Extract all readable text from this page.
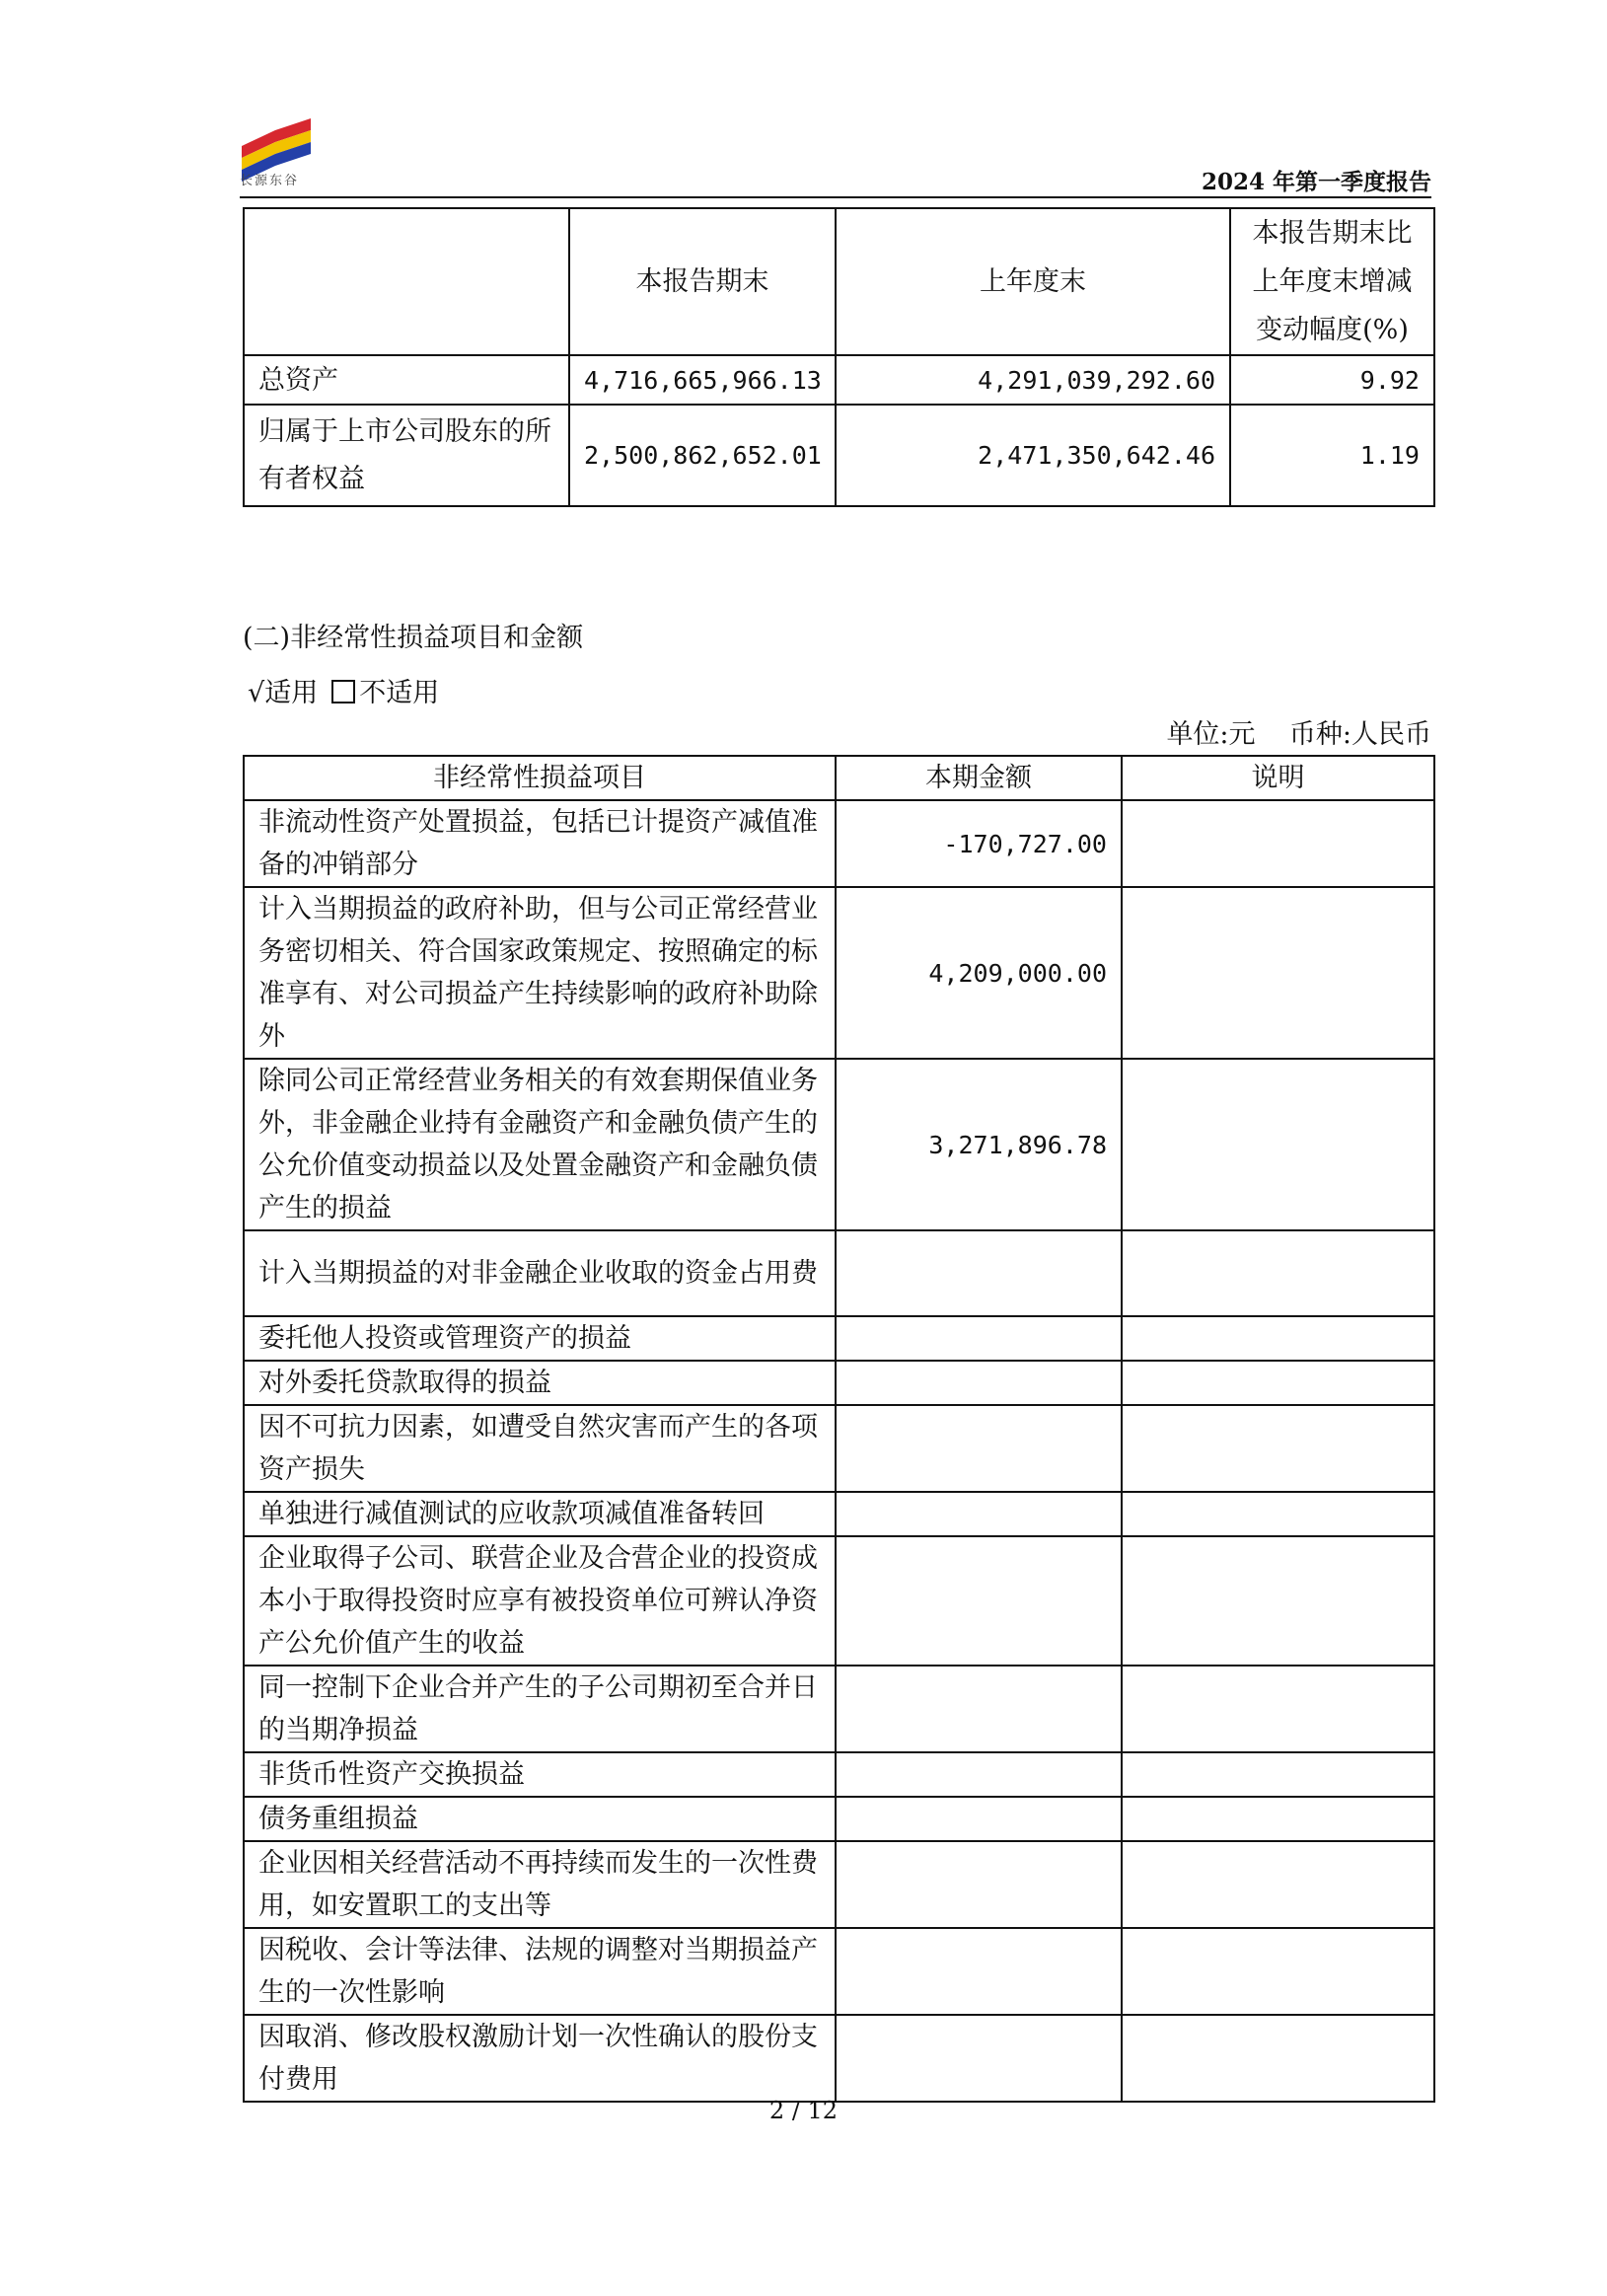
长源东谷	2024 年第一季度报告
	本报告期末	上年度末	本报告期末比上年度末增减变动幅度(%)
总资产	4,716,665,966.13	4,291,039,292.60	9.92
归属于上市公司股东的所有者权益	2,500,862,652.01	2,471,350,642.46	1.19
(二)非经常性损益项目和金额
√适用 不适用
单位:元 币种:人民币
非经常性损益项目	本期金额	说明
非流动性资产处置损益，包括已计提资产减值准备的冲销部分	-170,727.00	
计入当期损益的政府补助，但与公司正常经营业务密切相关、符合国家政策规定、按照确定的标准享有、对公司损益产生持续影响的政府补助除外	4,209,000.00	
除同公司正常经营业务相关的有效套期保值业务外，非金融企业持有金融资产和金融负债产生的公允价值变动损益以及处置金融资产和金融负债产生的损益	3,271,896.78	
计入当期损益的对非金融企业收取的资金占用费		
委托他人投资或管理资产的损益		
对外委托贷款取得的损益		
因不可抗力因素，如遭受自然灾害而产生的各项资产损失		
单独进行减值测试的应收款项减值准备转回		
企业取得子公司、联营企业及合营企业的投资成本小于取得投资时应享有被投资单位可辨认净资产公允价值产生的收益		
同一控制下企业合并产生的子公司期初至合并日的当期净损益		
非货币性资产交换损益		
债务重组损益		
企业因相关经营活动不再持续而发生的一次性费用，如安置职工的支出等		
因税收、会计等法律、法规的调整对当期损益产生的一次性影响		
因取消、修改股权激励计划一次性确认的股份支付费用		
2 / 12
